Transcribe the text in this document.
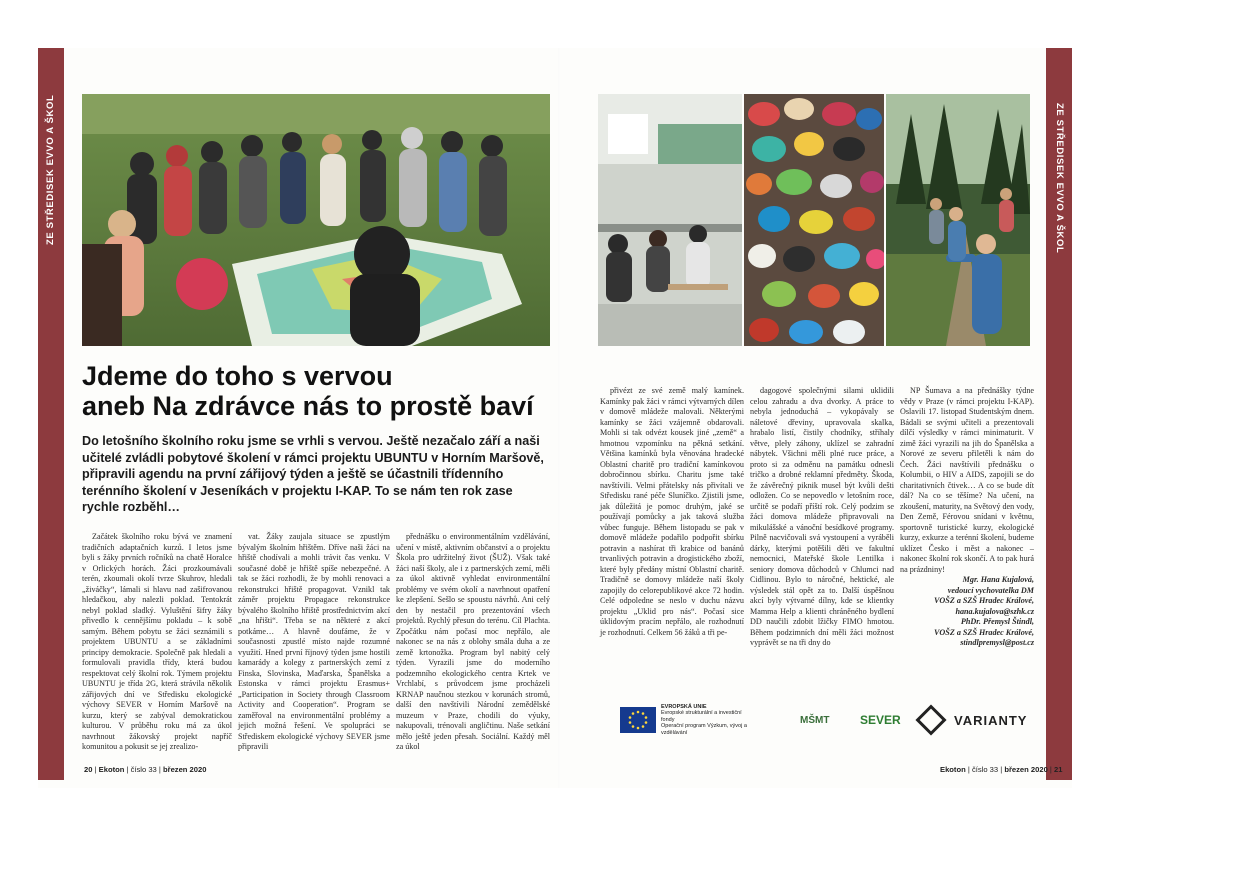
ZE STŘEDISEK EVVO A ŠKOL
Jdeme do toho s vervou
aneb Na zdrávce nás to prostě baví
Do letošního školního roku jsme se vrhli s vervou. Ještě nezačalo září a naši učitelé zvládli pobytové školení v rámci projektu UBUNTU v Horním Maršově, připravili agendu na první zářijový týden a ještě se účastnili třídenního terénního školení v Jeseníkách v projektu I-KAP. To se nám ten rok zase rychle rozběhl…

Začátek školního roku bývá ve znamení tradičních adaptačních kurzů. I letos jsme byli s žáky prvních ročníků na chatě Horalce v Orlických horách. Žáci prozkoumávali terén, zkoumali okolí tvrze Skuhrov, hledali „živáčky“, lámali si hlavu nad zašifrovanou hledačkou, aby nalezli poklad. Tentokrát nebyl poklad sladký. Vyluštění šifry žáky přivedlo k cennějšímu pokladu – k sobě samým. Během pobytu se žáci seznámili s projektem UBUNTU a se základními principy demokracie. Společně pak hledali a formulovali pravidla třídy, která budou respektovat celý školní rok. Týmem projektu UBUNTU je třída 2G, která strávila několik zářijových dní ve Středisku ekologické výchovy SEVER v Horním Maršově na kurzu, který se zabýval demokratickou kulturou. V průběhu roku má za úkol navrhnout žákovský projekt napříč komunitou a pokusit se jej zrealizo-

vat. Žáky zaujala situace se zpustlým bývalým školním hřištěm. Dříve naši žáci na hřiště chodívali a mohli trávit čas venku. V současné době je hřiště spíše nebezpečné. A tak se žáci rozhodli, že by mohli renovaci a rekonstrukci hřiště propagovat. Vznikl tak záměr projektu Propagace rekonstrukce bývalého školního hřiště prostřednictvím akcí „na hřišti“. Třeba se na některé z akcí potkáme… A hlavně doufáme, že v současnosti zpustlé místo najde rozumné využití. Hned první říjnový týden jsme hostili kamarády a kolegy z partnerských zemí z Finska, Slovinska, Maďarska, Španělska a Estonska v rámci projektu Erasmus+ „Participation in Society through Classroom Activity and Cooperation“. Program se zaměřoval na environmentální problémy a jejich možná řešení. Ve spolupráci se Střediskem ekologické výchovy SEVER jsme připravili

přednášku o environmentálním vzdělávání, učení v místě, aktivním občanství a o projektu Škola pro udržitelný život (ŠUŽ). Však také žáci naší školy, ale i z partnerských zemí, měli za úkol aktivně vyhledat environmentální problémy ve svém okolí a navrhnout opatření ke zlepšení. Sešlo se spoustu návrhů. Ani celý den by nestačil pro prezentování všech projektů. Rychlý přesun do terénu. Cíl Plachta. Zpočátku nám počasí moc nepřálo, ale nakonec se na nás z oblohy smála duha a ze země krtonožka. Program byl nabitý celý týden. Vyrazili jsme do moderního podzemního ekologického centra Krtek ve Vrchlabí, s průvodcem jsme procházeli KRNAP naučnou stezkou v korunách stromů, další den navštívili Národní zemědělské muzeum v Praze, chodili do výuky, nakupovali, trénovali angličtinu. Naše setkání mělo ještě jeden přesah. Sociální. Každý měl za úkol

20 | Ekoton | číslo 33 | březen 2020
ZE STŘEDISEK EVVO A ŠKOL

přivézt ze své země malý kamínek. Kamínky pak žáci v rámci výtvarných dílen v domově mládeže malovali. Některými kamínky se žáci vzájemně obdarovali. Mohli si tak odvézt kousek jiné „země“ a hmotnou vzpomínku na pěkná setkání. Většina kamínků byla věnována hradecké Oblastní charitě pro tradiční kamínkovou dobročinnou sbírku. Charitu jsme také navštívili. Velmi přátelsky nás přivítali ve Středisku rané péče Sluníčko. Zjistili jsme, jak důležitá je pomoc druhým, jaké se používají pomůcky a jak taková služba vůbec funguje. Během listopadu se pak v domově mládeže podařilo podpořit sbírku potravin a nashírat tři krabice od banánů trvanlivých potravin a drogistického zboží, které byly předány místní Oblastní charitě. Tradičně se domovy mládeže naší školy zapojily do celorepublikové akce 72 hodin. Celé odpoledne se neslo v duchu názvu projektu „Uklid pro nás“. Počasí sice úklidovým pracím nepřálo, ale rozhodnutí je rozhodnutí. Celkem 56 žáků a tři pe-

dagogové společnými silami uklidili celou zahradu a dva dvorky. A práce to nebyla jednoduchá – vykopávaly se náletové dřeviny, upravovala skalka, hrabalo listí, čistily chodníky, stříhaly větve, pleły záhony, uklízel se zahradní nábytek. Všichni měli plné ruce práce, a proto si za odměnu na památku odnesli tričko a drobné reklamní předměty. Škoda, že závěrečný piknik musel být kvůli dešti odložen. Co se nepovedlo v letošním roce, určitě se podaří příští rok. Celý podzim se žáci domova mládeže připravovali na mikulášské a vánoční besídkové programy. Pilně nacvičovali svá vystoupení a vyráběli dárky, kterými potěšili děti ve fakultní nemocnici, Mateřské škole Lentilka i seniory domova důchodců v Chlumci nad Cidlinou. Bylo to náročné, hektické, ale výsledek stál opět za to. Další úspěšnou akcí byly výtvarné dílny, kde se klientky Mamma Help a klienti chráněného bydlení DD naučili zdobit lžičky FIMO hmotou. Během podzimních dní měli žáci možnost vyprávět se na tři dny do

NP Šumava a na přednášky týdne vědy v Praze (v rámci projektu I-KAP). Oslavili 17. listopad Studentským dnem. Bádali se svými učiteli a prezentovali dílčí výsledky v rámci minimaturit. V zimě žáci vyrazili na jih do Španělska a Norové ze severu přiletěli k nám do Čech. Žáci navštívili přednášku o Kolumbii, o HIV a AIDS, zapojili se do charitativních čtivek… A co se bude dít dál? Na co se těšíme? Na učení, na zkoušení, maturity, na Světový den vody, Den Země, Férovou snídani v květnu, sportovně turistické kurzy, ekologické kurzy, exkurze a terénní školení, budeme uklízet Česko i měst a nakonec – nakonec školní rok skončí. A to pak hurá na prázdniny!

Mgr. Hana Kujalová,
vedoucí vychovatelka DM
VOŠZ a SZŠ Hradec Králové,
hana.kujalova@szhk.cz

PhDr. Přemysl Štindl,
VOŠZ a SZŠ Hradec Králové,
stindlpremysl@post.cz

EVROPSKÁ UNIE
Evropské strukturální a investiční fondy
Operační program Výzkum, vývoj a vzdělávání
MŠMT	SEVER	VARIANTY
Ekoton | číslo 33 | březen 2020 | 21
